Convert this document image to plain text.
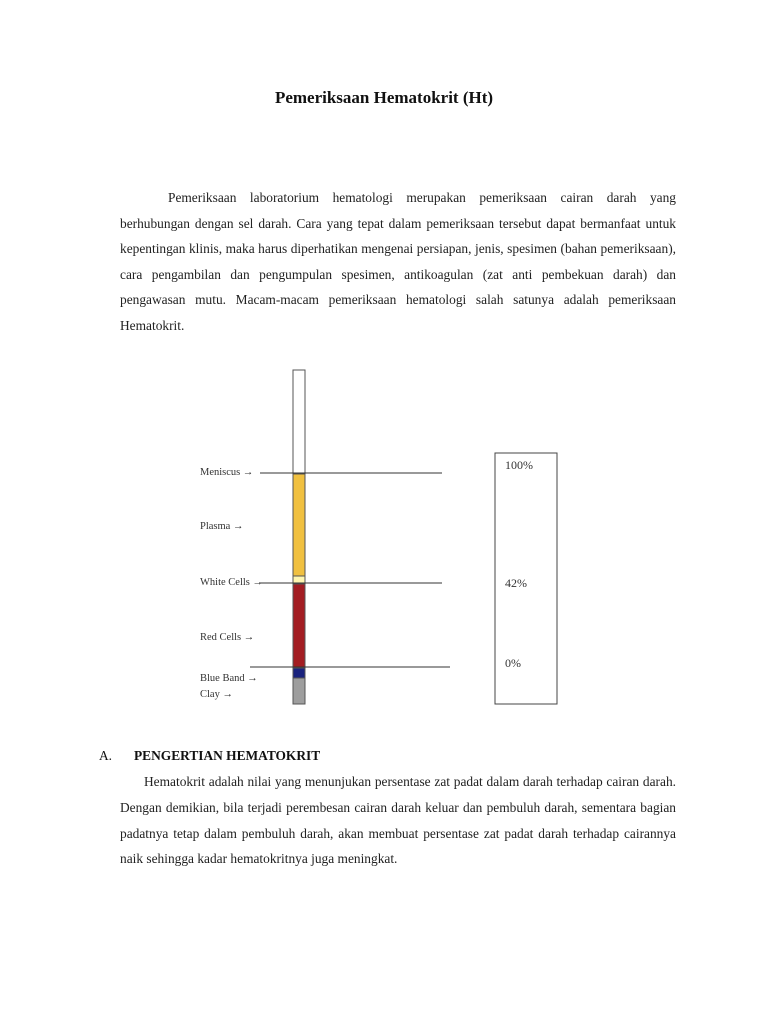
Pemeriksaan Hematokrit (Ht)

Pemeriksaan laboratorium hematologi merupakan pemeriksaan cairan darah yang berhubungan dengan sel darah. Cara yang tepat dalam pemeriksaan tersebut dapat bermanfaat untuk kepentingan klinis, maka harus diperhatikan mengenai persiapan, jenis, spesimen (bahan pemeriksaan), cara pengambilan dan pengumpulan spesimen, antikoagulan (zat anti pembekuan darah) dan pengawasan mutu. Macam-macam pemeriksaan hematologi salah satunya adalah pemeriksaan Hematokrit.

Meniscus →
Plasma →
White Cells →
Red Cells →
Blue Band →
Clay →
100%
42%
0%
A. PENGERTIAN HEMATOKRIT

Hematokrit adalah nilai yang menunjukan persentase zat padat dalam darah terhadap cairan darah. Dengan demikian, bila terjadi perembesan cairan darah keluar dan pembuluh darah, sementara bagian padatnya tetap dalam pembuluh darah, akan membuat persentase zat padat darah terhadap cairannya naik sehingga kadar hematokritnya juga meningkat.
